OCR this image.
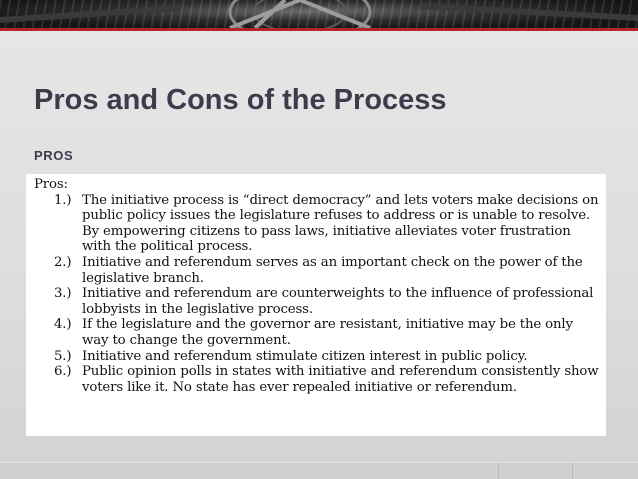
Pros and Cons of the Process
PROS
Pros:
1.) The initiative process is “direct democracy” and lets voters make decisions on public policy issues the legislature refuses to address or is unable to resolve. By empowering citizens to pass laws, initiative alleviates voter frustration with the political process.
2.) Initiative and referendum serves as an important check on the power of the legislative branch.
3.) Initiative and referendum are counterweights to the influence of professional lobbyists in the legislative process.
4.) If the legislature and the governor are resistant, initiative may be the only way to change the government.
5.) Initiative and referendum stimulate citizen interest in public policy.
6.) Public opinion polls in states with initiative and referendum consistently show voters like it. No state has ever repealed initiative or referendum.
